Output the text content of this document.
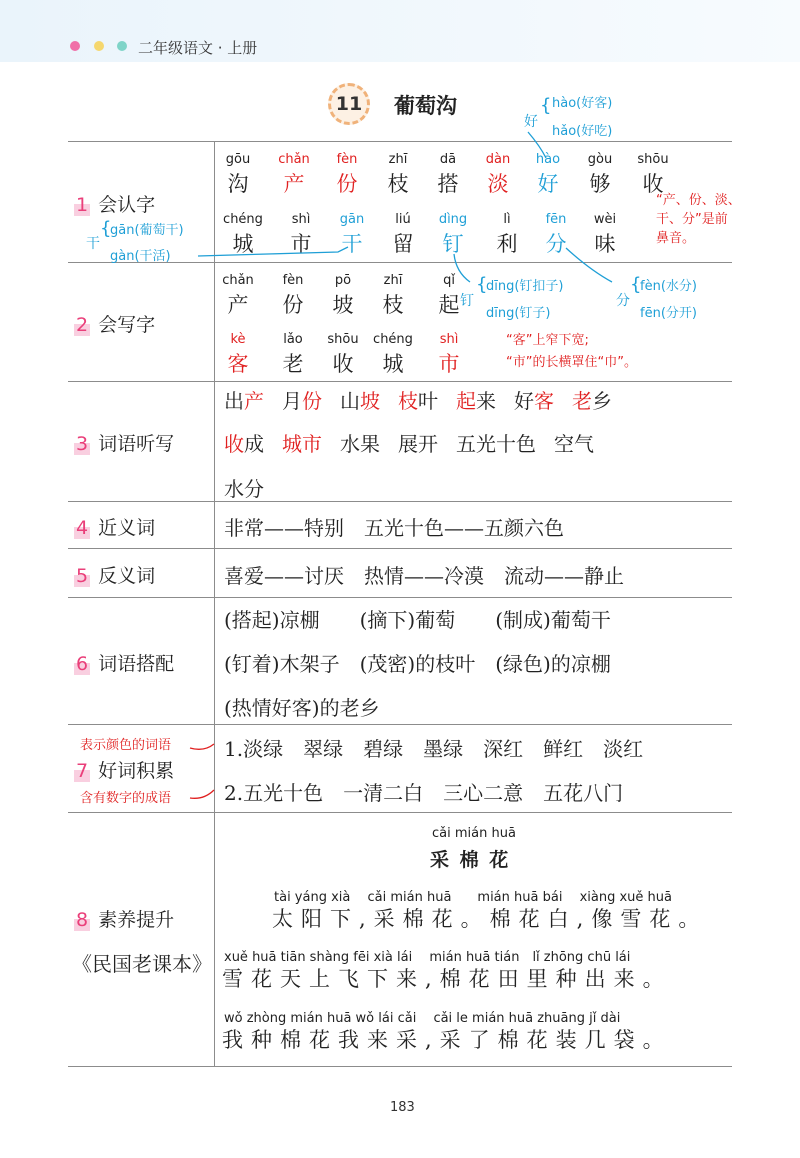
二年级语文 · 上册
11	葡萄沟
1 会认字
2 会写字
3 词语听写
4 近义词
5 反义词
6 词语搭配
7 好词积累
8 素养提升
《民国老课本》
gōu
沟
chǎn
产
fèn
份
zhī
枝
dā
搭
dàn
淡
hào
好
gòu
够
shōu
收
chéng
城
shì
市
gān
干
liú
留
dìng
钉
lì
利
fēn
分
wèi
味
chǎn
产
fèn
份
pō
坡
zhī
枝
qǐ
起
kè
客
lǎo
老
shōu
收
chéng
城
shì
市
好
{ hào(好客)
hǎo(好吃)
干
{
gān(葡萄干)
gàn(干活)
钉
{
dīng(钉扣子)
dīng(钉子)
分
{
fèn(水分)
fēn(分开)
“产、份、淡、
干、分”是前
鼻音。
“客”上窄下宽;
“市”的长横罩住“巾”。
表示颜色的词语
含有数字的成语
出产 月份 山坡 枝叶 起来 好客 老乡
收成 城市 水果 展开 五光十色 空气
水分
非常——特别　五光十色——五颜六色
喜爱——讨厌　热情——冷漠　流动——静止
(搭起)凉棚　　(摘下)葡萄　　(制成)葡萄干
(钉着)木架子　(茂密)的枝叶　(绿色)的凉棚
(热情好客)的老乡
1.淡绿　翠绿　碧绿　墨绿　深红　鲜红　淡红
2.五光十色　一清二白　三心二意　五花八门
cǎi mián huā
采 棉 花
tài yáng xià　 cǎi mián huā　　mián huā bái　 xiàng xuě huā
太阳下,采棉花。棉花白,像雪花。
xuě huā tiān shàng fēi xià lái　 mián huā tián　lǐ zhōng chū lái
雪花天上飞下来,棉花田里种出来。
wǒ zhòng mián huā wǒ lái cǎi　 cǎi le mián huā zhuāng jǐ dài
我种棉花我来采,采了棉花装几袋。
183
